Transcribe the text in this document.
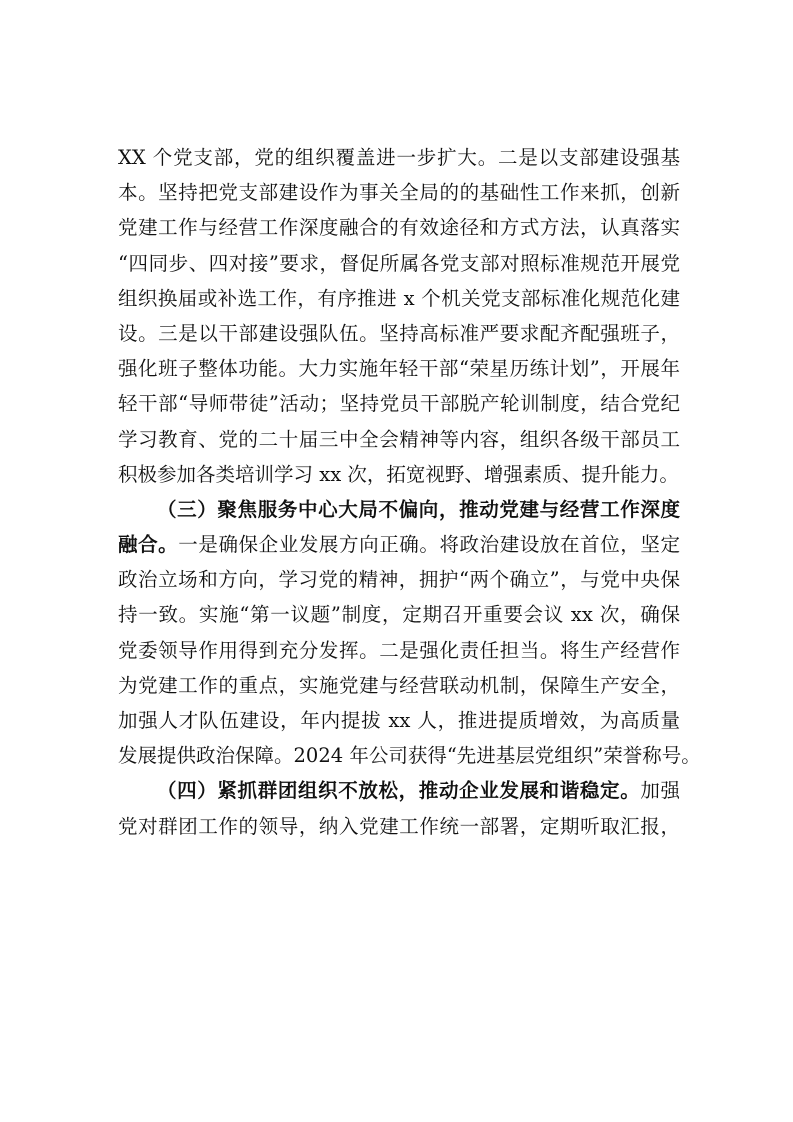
XX 个党支部，党的组织覆盖进一步扩大。二是以支部建设强基
本。坚持把党支部建设作为事关全局的的基础性工作来抓，创新
党建工作与经营工作深度融合的有效途径和方式方法，认真落实
“四同步、四对接”要求，督促所属各党支部对照标准规范开展党
组织换届或补选工作，有序推进 x 个机关党支部标准化规范化建
设。三是以干部建设强队伍。坚持高标准严要求配齐配强班子，
强化班子整体功能。大力实施年轻干部“荣星历练计划”，开展年
轻干部“导师带徒”活动；坚持党员干部脱产轮训制度，结合党纪
学习教育、党的二十届三中全会精神等内容，组织各级干部员工
积极参加各类培训学习 xx 次，拓宽视野、增强素质、提升能力。
（三）聚焦服务中心大局不偏向，推动党建与经营工作深度
融合。一是确保企业发展方向正确。将政治建设放在首位，坚定
政治立场和方向，学习党的精神，拥护“两个确立”，与党中央保
持一致。实施“第一议题”制度，定期召开重要会议 xx 次，确保
党委领导作用得到充分发挥。二是强化责任担当。将生产经营作
为党建工作的重点，实施党建与经营联动机制，保障生产安全，
加强人才队伍建设，年内提拔 xx 人，推进提质增效，为高质量
发展提供政治保障。2024 年公司获得“先进基层党组织”荣誉称号。
（四）紧抓群团组织不放松，推动企业发展和谐稳定。加强
党对群团工作的领导，纳入党建工作统一部署，定期听取汇报，
